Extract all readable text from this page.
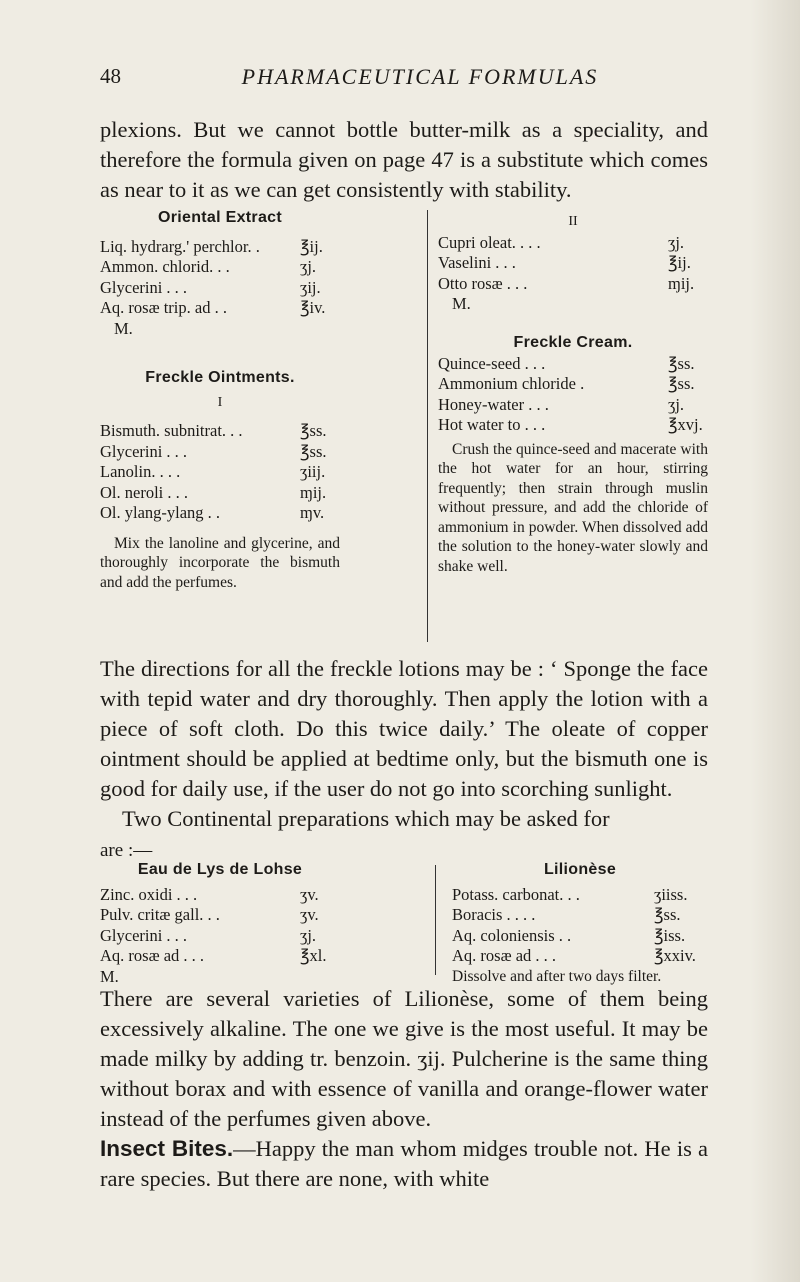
48	PHARMACEUTICAL FORMULAS
plexions. But we cannot bottle butter-milk as a speciality, and therefore the formula given on page 47 is a substitute which comes as near to it as we can get consistently with stability.
Oriental Extract
Liq. hydrarg.' perchlor. . ℥ij.
Ammon. chlorid. . .	ʒj.
Glycerini . . .	ʒij.
Aq. rosæ trip. ad . .	℥iv.
M.
Freckle Ointments.
I
Bismuth. subnitrat. . .	℥ss.
Glycerini . . .	℥ss.
Lanolin. . . .	ʒiij.
Ol. neroli . . .	ɱij.
Ol. ylang-ylang . .	ɱv.
Mix the lanoline and glycerine, and thoroughly incorporate the bismuth and add the perfumes.
II
Cupri oleat. . . .	ʒj.
Vaselini . . .	℥ij.
Otto rosæ . . .	ɱij.
M.
Freckle Cream.
Quince-seed . . .	℥ss.
Ammonium chloride .	℥ss.
Honey-water . . .	ʒj.
Hot water to . . .	℥xvj.
Crush the quince-seed and macerate with the hot water for an hour, stirring frequently; then strain through muslin without pressure, and add the chloride of ammonium in powder. When dissolved add the solution to the honey-water slowly and shake well.
The directions for all the freckle lotions may be : ‘ Sponge the face with tepid water and dry thoroughly. Then apply the lotion with a piece of soft cloth. Do this twice daily.’ The oleate of copper ointment should be applied at bedtime only, but the bismuth one is good for daily use, if the user do not go into scorching sunlight.
Two Continental preparations which may be asked for
are :—
Eau de Lys de Lohse
Zinc. oxidi . . .	ʒv.
Pulv. critæ gall. . .	ʒv.
Glycerini . . .	ʒj.
Aq. rosæ ad . . .	℥xl.
M.
Lilionèse
Potass. carbonat. . .	ʒiiss.
Boracis . . . .	℥ss.
Aq. coloniensis . .	℥iss.
Aq. rosæ ad . . .	℥xxiv.
Dissolve and after two days filter.
There are several varieties of Lilionèse, some of them being excessively alkaline. The one we give is the most useful. It may be made milky by adding tr. benzoin. ʒij. Pulcherine is the same thing without borax and with essence of vanilla and orange-flower water instead of the perfumes given above.
Insect Bites.—Happy the man whom midges trouble not. He is a rare species. But there are none, with white
